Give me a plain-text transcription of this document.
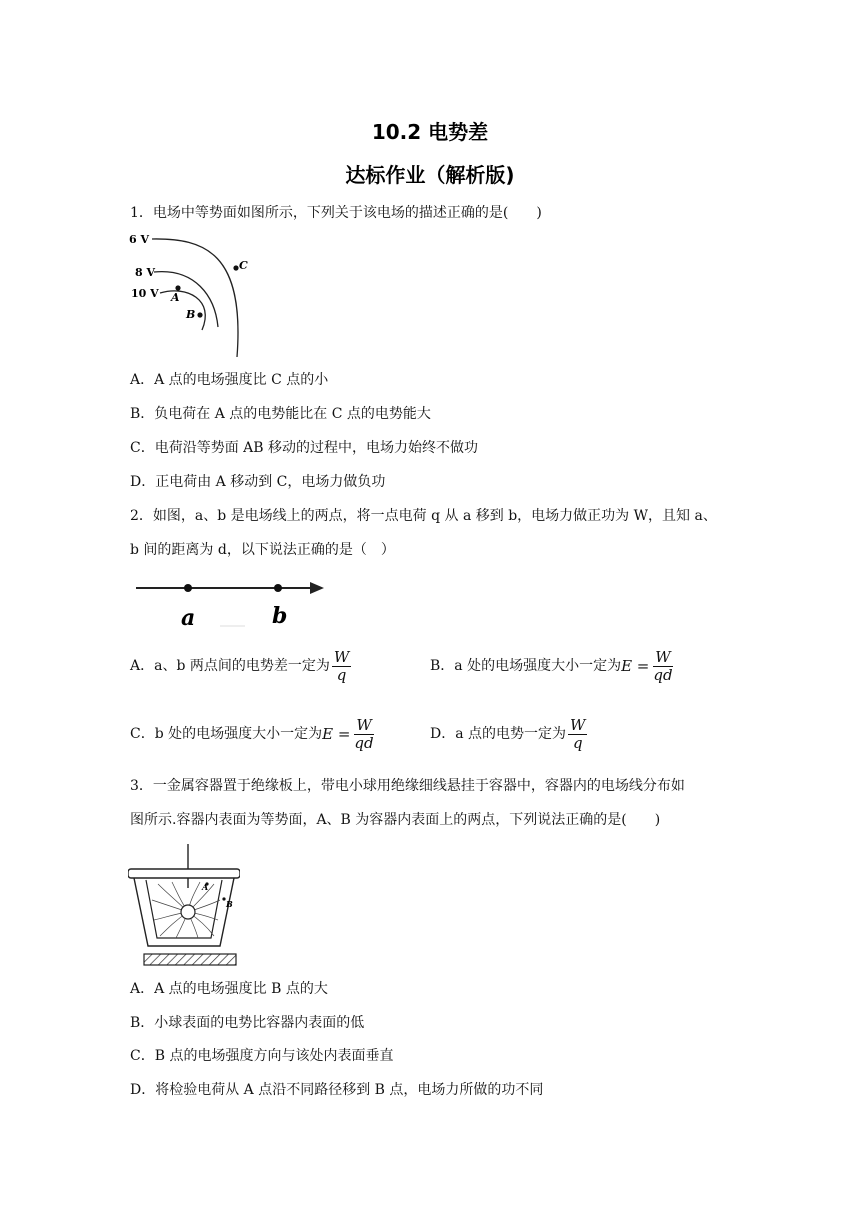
10.2 电势差
达标作业（解析版)
1．电场中等势面如图所示，下列关于该电场的描述正确的是(　　)
6 V
8 V
10 V
C
A
B
A．A 点的电场强度比 C 点的小
B．负电荷在 A 点的电势能比在 C 点的电势能大
C．电荷沿等势面 AB 移动的过程中，电场力始终不做功
D．正电荷由 A 移动到 C，电场力做负功
2．如图，a、b 是电场线上的两点，将一点电荷 q 从 a 移到 b，电场力做正功为 W，且知 a、
b 间的距离为 d，以下说法正确的是（　）
a	b
A．a、b 两点间的电势差一定为 $\frac{W}{q}$	B．a 处的电场强度大小一定为 $E = \frac{W}{qd}$
C．b 处的电场强度大小一定为 $E = \frac{W}{qd}$	D．a 点的电势一定为 $\frac{W}{q}$
3．一金属容器置于绝缘板上，带电小球用绝缘细线悬挂于容器中，容器内的电场线分布如
图所示.容器内表面为等势面，A、B 为容器内表面上的两点，下列说法正确的是(　　)
A
B
A．A 点的电场强度比 B 点的大
B．小球表面的电势比容器内表面的低
C．B 点的电场强度方向与该处内表面垂直
D．将检验电荷从 A 点沿不同路径移到 B 点，电场力所做的功不同
